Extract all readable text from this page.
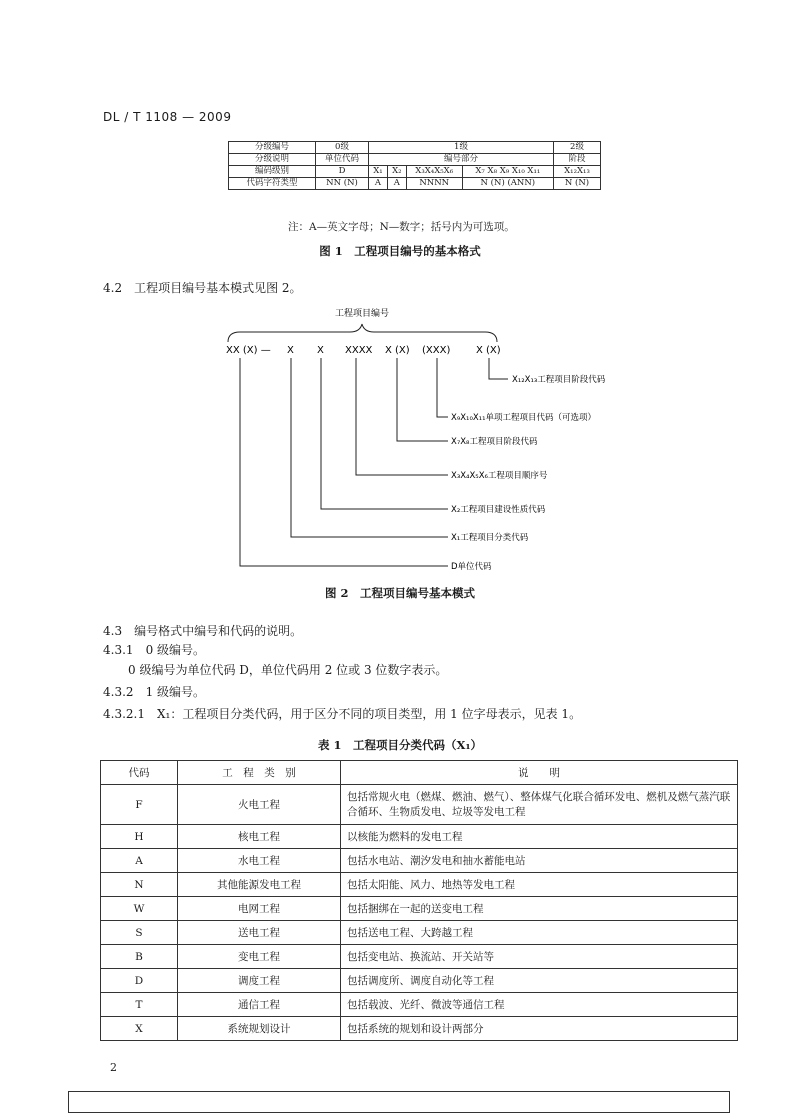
DL / T 1108 — 2009
分级编号	0级	1级				2级
分级说明	单位代码	编号部分				阶段
编码级别	D	X₁	X₂	X₃X₄X₅X₆	X₇ X₈ X₉ X₁₀ X₁₁	X₁₂X₁₃
代码字符类型	NN (N)	A	A	NNNN	N (N) (ANN)	N (N)
注：A—英文字母；N—数字；括号内为可选项。
图 1　工程项目编号的基本格式
4.2　工程项目编号基本模式见图 2。
工程项目编号
XX (X) — X X XXXX X (X) (XXX)	X (X)
X₁₂X₁₃工程项目阶段代码
X₉X₁₀X₁₁单项工程项目代码（可选项）
X₇X₈工程项目阶段代码
X₃X₄X₅X₆工程项目顺序号
X₂工程项目建设性质代码
X₁工程项目分类代码
D单位代码
图 2　工程项目编号基本模式
4.3　 编号格式中编号和代码的说明。
4.3.1　 0 级编号。
0 级编号为单位代码 D，单位代码用 2 位或 3 位数字表示。
4.3.2　 1 级编号。
4.3.2.1　 X₁：工程项目分类代码，用于区分不同的项目类型，用 1 位字母表示，见表 1。
表 1　工程项目分类代码（X₁）
代码	工　程　类　别	说　　明
F	火电工程	包括常规火电（燃煤、燃油、燃气）、整体煤气化联合循环发电、燃机及燃气蒸汽联合循环、生物质发电、垃圾等发电工程
H	核电工程	以核能为燃料的发电工程
A	水电工程	包括水电站、潮汐发电和抽水蓄能电站
N	其他能源发电工程	包括太阳能、风力、地热等发电工程
W	电网工程	包括捆绑在一起的送变电工程
S	送电工程	包括送电工程、大跨越工程
B	变电工程	包括变电站、换流站、开关站等
D	调度工程	包括调度所、调度自动化等工程
T	通信工程	包括载波、光纤、微波等通信工程
X	系统规划设计	包括系统的规划和设计两部分
2
